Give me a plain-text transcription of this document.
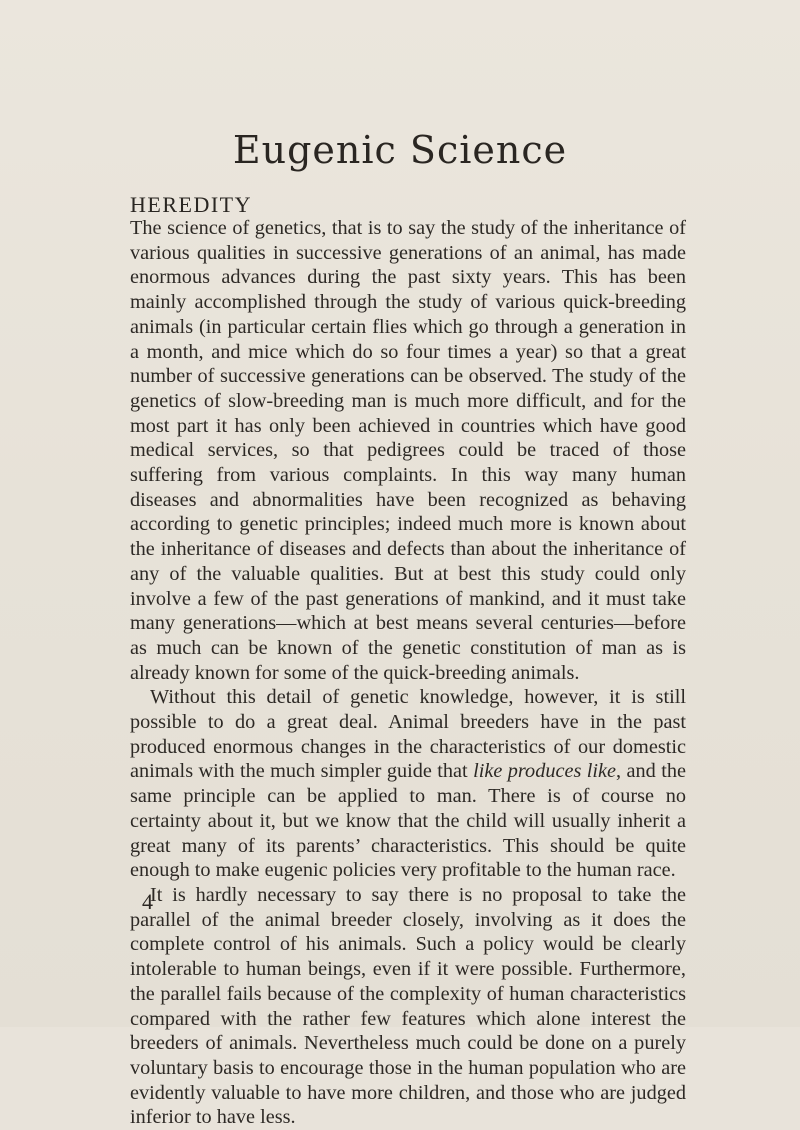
Eugenic Science
HEREDITY

The science of genetics, that is to say the study of the inheritance of various qualities in successive generations of an animal, has made enormous advances during the past sixty years. This has been mainly accomplished through the study of various quick-breeding animals (in particular certain flies which go through a generation in a month, and mice which do so four times a year) so that a great number of successive generations can be observed. The study of the genetics of slow-breeding man is much more difficult, and for the most part it has only been achieved in countries which have good medical services, so that pedigrees could be traced of those suffering from various complaints. In this way many human diseases and abnormalities have been recognized as behaving according to genetic principles; indeed much more is known about the inheritance of diseases and defects than about the inheritance of any of the valuable qualities. But at best this study could only involve a few of the past generations of mankind, and it must take many generations—which at best means several centuries—before as much can be known of the genetic constitution of man as is already known for some of the quick-breeding animals.

Without this detail of genetic knowledge, however, it is still possible to do a great deal. Animal breeders have in the past produced enormous changes in the characteristics of our domestic animals with the much simpler guide that like produces like, and the same principle can be applied to man. There is of course no certainty about it, but we know that the child will usually inherit a great many of its parents’ characteristics. This should be quite enough to make eugenic policies very profitable to the human race.

It is hardly necessary to say there is no proposal to take the parallel of the animal breeder closely, involving as it does the complete control of his animals. Such a policy would be clearly intolerable to human beings, even if it were possible. Furthermore, the parallel fails because of the complexity of human characteristics compared with the rather few features which alone interest the breeders of animals. Nevertheless much could be done on a purely voluntary basis to encourage those in the human population who are evidently valuable to have more children, and those who are judged inferior to have less.

4
